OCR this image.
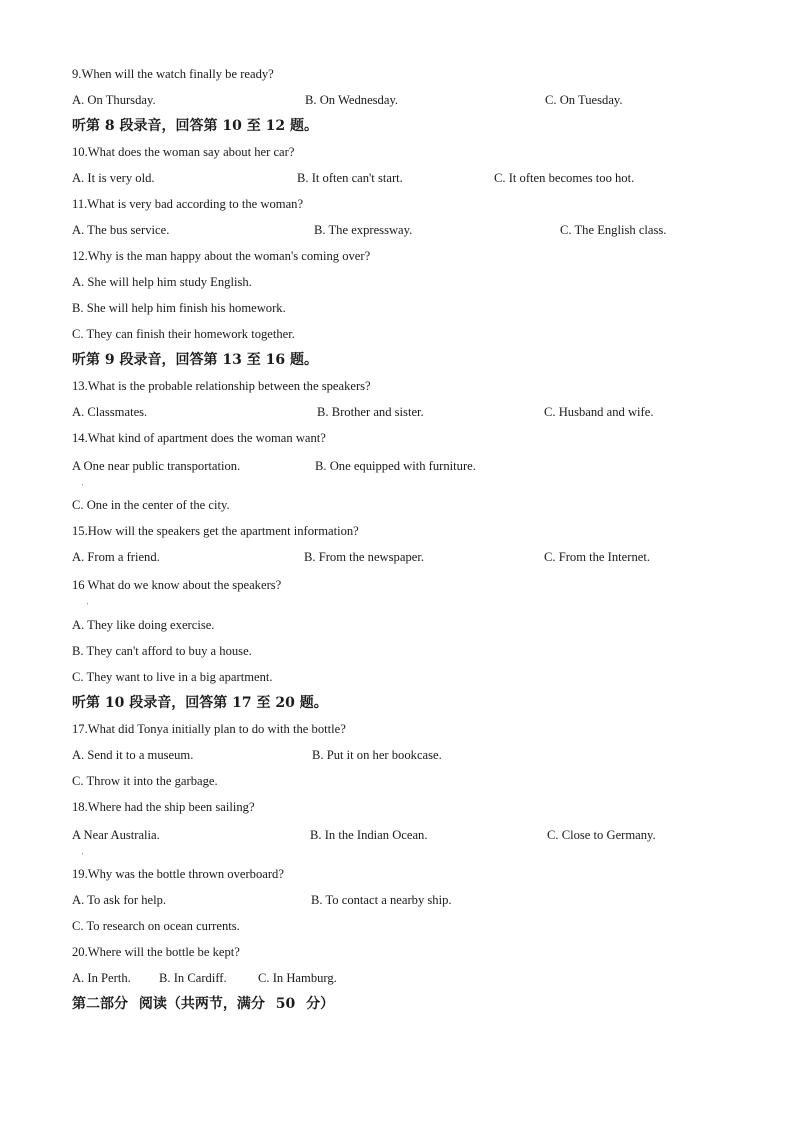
9.When will the watch finally be ready?
A. On Thursday.	B. On Wednesday.	C. On Tuesday.
听第 8 段录音，回答第 10 至 12 题。
10.What does the woman say about her car?
A. It is very old.	B. It often can't start.	C. It often becomes too hot.
11.What is very bad according to the woman?
A. The bus service.	B. The expressway.	C. The English class.
12.Why is the man happy about the woman's coming over?
A. She will help him study English.
B. She will help him finish his homework.
C. They can finish their homework together.
听第 9 段录音，回答第 13 至 16 题。
13.What is the probable relationship between the speakers?
A. Classmates.	B. Brother and sister.	C. Husband and wife.
14.What kind of apartment does the woman want?
A One near public transportation.	B. One equipped with furniture.
ˌ
C. One in the center of the city.
15.How will the speakers get the apartment information?
A. From a friend.	B. From the newspaper.	C. From the Internet.
16 What do we know about the speakers?
ˌ
A. They like doing exercise.
B. They can't afford to buy a house.
C. They want to live in a big apartment.
听第 10 段录音，回答第 17 至 20 题。
17.What did Tonya initially plan to do with the bottle?
A. Send it to a museum.	B. Put it on her bookcase.
C. Throw it into the garbage.
18.Where had the ship been sailing?
A Near Australia.	B. In the Indian Ocean.	C. Close to Germany.
ˌ
19.Why was the bottle thrown overboard?
A. To ask for help.	B. To contact a nearby ship.
C. To research on ocean currents.
20.Where will the bottle be kept?
A. In Perth. B. In Cardiff. C. In Hamburg.
第二部分 阅读（共两节，满分 50 分）
